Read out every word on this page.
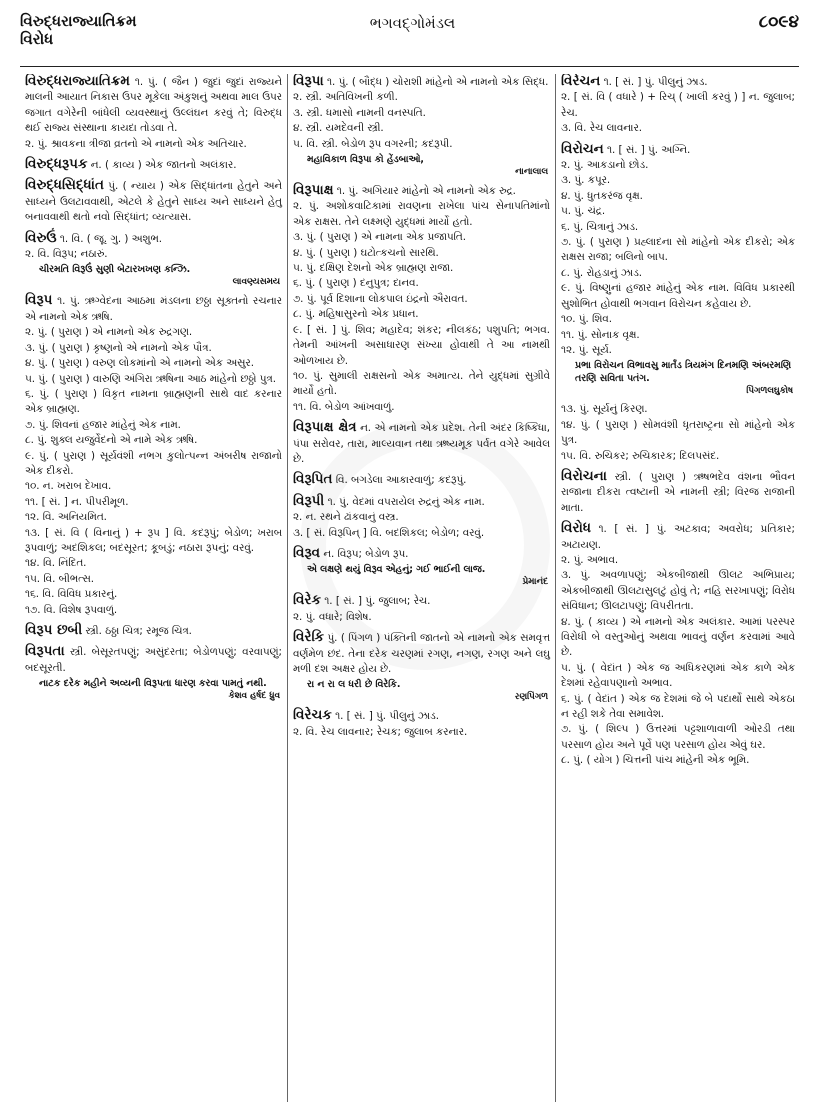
વિરુદ્ધરાજ્યાતિક્રમ
વિરોધ
ભગવદ્ગોમંડલ	૮૦૯૪

વિરુદ્ધરાજ્યાતિક્રમ ૧. પું. ( જૈન ) જુદાં જુદાં રાજ્યને માલની આયાત નિકાસ ઉપર મૂકેલા અંકુશનું અથવા માલ ઉપર જગાત વગેરેની બાંધેલી વ્યવસ્થાનું ઉલ્લંઘન કરવું તે; વિરુદ્ધ થઈ રાજ્ય સંસ્થાના કાયદા તોડવા તે.

૨. પું. શ્રાવકના ત્રીજા વ્રતનો એ નામનો એક અતિચાર.

વિરુદ્ધરૂપક ન. ( કાવ્ય ) એક જાતનો અલંકાર.

વિરુદ્ધસિદ્ધાંત પું. ( ન્યાય ) એક સિદ્ધાંતના હેતુને અને સાધ્યને ઉલટાવવાથી, એટલે કે હેતુને સાધ્ય અને સાધ્યને હેતુ બનાવવાથી થતો નવો સિદ્ધાંત; વ્યત્યાસ.

વિરુઉં ૧. વિ. ( જૂ. ગુ. ) અશુભ.

૨. વિ. વિરૂપ; નઠારું.

ચીરમતિ વિરૂઉં સુણી બેટારખખણ કન્ઝિ.

લાવણ્યસમય

વિરૂપ ૧. પું. ઋગ્વેદના આઠમા મંડલના છઠ્ઠા સૂક્તનો રચનાર એ નામનો એક ઋષિ.

૨. પું. ( પુરાણ ) એ નામનો એક રુદ્રગણ.

૩. પું. ( પુરાણ ) કૃષ્ણનો એ નામનો એક પૌત્ર.

૪. પું. ( પુરાણ ) વરુણ લોકમાંનો એ નામનો એક અસુર.

૫. પું. ( પુરાણ ) વારુણિ અંગિરા ઋષિના આઠ માંહેનો છઠ્ઠો પુત્ર.

૬. પું. ( પુરાણ ) વિકૃત નામના બ્રાહ્મણની સાથે વાદ કરનાર એક બ્રાહ્મણ.

૭. પું. શિવનાં હજાર માંહેનું એક નામ.

૮. પું. શુક્લ યજુર્વેદનો એ નામે એક ઋષિ.

૯. પું. ( પુરાણ ) સૂર્યવંશી નભગ કુલોત્પન્ન અંબરીષ રાજાનો એક દીકરો.

૧૦. ન. ખરાબ દેખાવ.

૧૧. [ સં. ] ન. પીપરીમૂળ.

૧૨. વિ. અનિયમિત.

૧૩. [ સં. વિ ( વિનાનું ) + રૂપ ] વિ. કદરૂપું; બેડોળ; ખરાબ રૂપવાળું; અદશિકલ; બદસૂરત; કૂબડું; નઠારા રૂપનું; વરવું.

૧૪. વિ. નિંદિત.

૧૫. વિ. બીભત્સ.

૧૬. વિ. વિવિધ પ્રકારનું.

૧૭. વિ. વિશેષ રૂપવાળું.

વિરૂપ છબી સ્ત્રી. ઠઠ્ઠા ચિત્ર; રમૂજ ચિત્ર.

વિરૂપતા સ્ત્રી. બેસૂરતપણું; અસુંદરતા; બેડોળપણું; વરવાપણું; બદસૂરતી.

નાટક દરેક મહીને અવ્યની વિરૂપતા ધારણ કરવા પામતું નથી.

કેશવ હર્ષદ ધ્રુવ

વિરૂપા ૧. પું. ( બૌદ્ધ ) ચોરાશી માંહેનો એ નામનો એક સિદ્ધ.

૨. સ્ત્રી. અતિવિખની કળી.

૩. સ્ત્રી. ધમાસો નામની વનસ્પતિ.

૪. સ્ત્રી. યમદેવની સ્ત્રી.

૫. વિ. સ્ત્રી. બેડોળ રૂપ વગરની; કદરૂપી.

મહાવિકાળ વિરૂપા કો હેંડબાઓ,

નાનાલાલ

વિરૂપાક્ષ ૧. પું. અગિયાર માંહેનો એ નામનો એક રુદ્ર.

૨. પું. અશોકવાટિકામાં રાવણના રાખેલા પાંચ સેનાપતિમાંનો એક રાક્ષસ. તેને લક્ષ્મણે યુદ્ધમાં માર્યો હતો.

૩. પું. ( પુરાણ ) એ નામના એક પ્રજાપતિ.

૪. પું. ( પુરાણ ) ઘટોત્કચનો સારથિ.

૫. પું. દક્ષિણ દેશનો એક બ્રાહ્મણ રાજા.

૬. પું. ( પુરાણ ) દનુપુત્ર; દાનવ.

૭. પું. પૂર્વ દિશાના લોકપાલ ઇંદ્રનો ઐરાવત.

૮. પું. મહિષાસુરનો એક પ્રધાન.

૯. [ સં. ] પું. શિવ; મહાદેવ; શંકર; નીલકંઠ; પશુપતિ; ભગવ. તેમની આંખની અસાધારણ સંખ્યા હોવાથી તે આ નામથી ઓળખાય છે.

૧૦. પું. સુમાલી રાક્ષસનો એક અમાત્ય. તેને યુદ્ધમાં સુગ્રીવે માર્યો હતો.

૧૧. વિ. બેડોળ આંખવાળું.

વિરૂપાક્ષ ક્ષેત્ર ન. એ નામનો એક પ્રદેશ. તેની અંદર કિષ્કિંધા, પંપા સરોવર, તારા, માલ્યવાન તથા ઋષ્યમૂક પર્વત વગેરે આવેલ છે.

વિરૂપિત વિ. બગડેલા આકારવાળું; કદરૂપું.

વિરૂપી ૧. પું. વેદમાં વપરાયેલ રુદ્રનું એક નામ.

૨. ન. રથને ઢાંકવાનું વસ્ત્ર.

૩. [ સં. વિરૂપિન્ ] વિ. બદશિકલ; બેડોળ; વરવું.

વિરૂવ ન. વિરૂપ; બેડોળ રૂપ.

એ લક્ષણે થયું વિરૂવ એહનું; ગઈ ભાઈની લાજ.

પ્રેમાનંદ

વિરેક ૧. [ સં. ] પું. જુલાબ; રેચ.

૨. પું. વધારે; વિશેષ.

વિરેકિ પું. ( પિંગળ ) પંક્તિની જાતનો એ નામનો એક સમવૃત્ત વર્ણમેળ છંદ. તેના દરેક ચરણમાં રગણ, નગણ, રગણ અને લઘુ મળી દશ અક્ષર હોય છે.

રા ન રા લ ધરી છે વિરેકિ.

રણપિંગળ

વિરેચક ૧. [ સં. ] પું. પીલુનું ઝાડ.

૨. વિ. રેચ લાવનાર; રેચક; જુલાબ કરનાર.

વિરેચન ૧. [ સં. ] પું. પીલુનું ઝાડ.

૨. [ સં. વિ ( વધારે ) + રિચ્ ( ખાલી કરવું ) ] ન. જુલાબ; રેચ.

૩. વિ. રેચ લાવનાર.

વિરોચન ૧. [ સં. ] પું. અગ્નિ.

૨. પું. આકડાનો છોડ.

૩. પું. કપૂર.

૪. પું. ધુતકરંજ વૃક્ષ.

૫. પું. ચંદ્ર.

૬. પું. ચિત્રાનું ઝાડ.

૭. પું. ( પુરાણ ) પ્રહ્લાદના સો માંહેનો એક દીકરો; એક રાક્ષસ રાજા; બલિનો બાપ.

૮. પું. રોહડાનું ઝાડ.

૯. પું. વિષ્ણુનાં હજાર માંહેનું એક નામ. વિવિધ પ્રકારથી સુશોભિત હોવાથી ભગવાન વિરોચન કહેવાય છે.

૧૦. પું. શિવ.

૧૧. પું. સોનાક વૃક્ષ.

૧૨. પું. સૂર્ય.

પ્રભા વિરોચન વિભાવસુ માર્તંડ ત્રિયમંગ દિનમણિ અંબરમણિ તરણિ સવિતા પતંગ.

પિંગળલઘુકોષ

૧૩. પું. સૂર્યનું કિરણ.

૧૪. પું. ( પુરાણ ) સોમવંશી ધૃતરાષ્ટ્રના સો માંહેનો એક પુત્ર.

૧૫. વિ. રુચિકર; રુચિકારક; દિલપસંદ.

વિરોચના સ્ત્રી. ( પુરાણ ) ઋષભદેવ વંશના ભૌવન રાજાના દીકરા ત્વષ્ટાની એ નામની સ્ત્રી; વિરજ રાજાની માતા.

વિરોધ ૧. [ સં. ] પું. અટકાવ; અવરોધ; પ્રતિકાર; અટાયણ.

૨. પું. અભાવ.

૩. પું. અવળાપણું; એકબીજાથી ઊલટ અભિપ્રાય; એકબીજાથી ઊલટાસુલટું હોવું તે; નહિ સરખાપણું; વિરોધ સંવિધાન; ઊલટાપણું; વિપરીતતા.

૪. પું. ( કાવ્ય ) એ નામનો એક અલંકાર. આમાં પરસ્પર વિરોધી બે વસ્તુઓનું અથવા ભાવનું વર્ણન કરવામાં આવે છે.

૫. પું. ( વેદાંત ) એક જ અધિકરણમાં એક કાળે એક દેશમાં રહેવાપણાનો અભાવ.

૬. પું. ( વેદાંત ) એક જ દેશમાં જે બે પદાર્થો સાથે એકઠા ન રહી શકે તેવા સમાવેશ.

૭. પું. ( શિલ્પ ) ઉત્તરમાં પટ્ટશાળાવાળી ઓરડી તથા પરસાળ હોય અને પૂર્વે પણ પરસાળ હોય એવું ઘર.

૮. પું. ( યોગ ) ચિત્તની પાંચ માંહેની એક ભૂમિ.
